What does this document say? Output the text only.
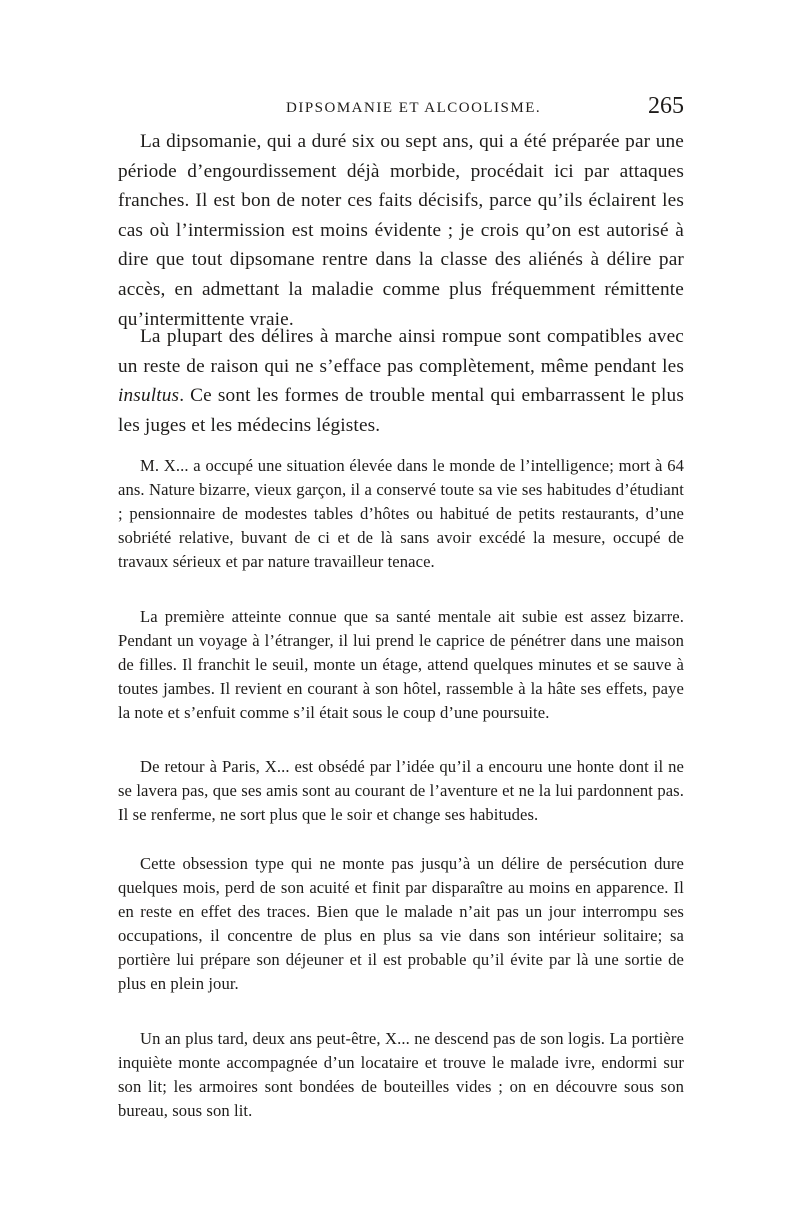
DIPSOMANIE ET ALCOOLISME.	265

La dipsomanie, qui a duré six ou sept ans, qui a été préparée par une période d’engourdissement déjà morbide, procédait ici par attaques franches. Il est bon de noter ces faits décisifs, parce qu’ils éclairent les cas où l’intermission est moins évidente ; je crois qu’on est autorisé à dire que tout dipsomane rentre dans la classe des aliénés à délire par accès, en admettant la maladie comme plus fréquemment rémittente qu’intermittente vraie.

La plupart des délires à marche ainsi rompue sont compatibles avec un reste de raison qui ne s’efface pas complètement, même pendant les insultus. Ce sont les formes de trouble mental qui embarrassent le plus les juges et les médecins légistes.

M. X... a occupé une situation élevée dans le monde de l’intelligence; mort à 64 ans. Nature bizarre, vieux garçon, il a conservé toute sa vie ses habitudes d’étudiant ; pensionnaire de modestes tables d’hôtes ou habitué de petits restaurants, d’une sobriété relative, buvant de ci et de là sans avoir excédé la mesure, occupé de travaux sérieux et par nature travailleur tenace.

La première atteinte connue que sa santé mentale ait subie est assez bizarre. Pendant un voyage à l’étranger, il lui prend le caprice de pénétrer dans une maison de filles. Il franchit le seuil, monte un étage, attend quelques minutes et se sauve à toutes jambes. Il revient en courant à son hôtel, rassemble à la hâte ses effets, paye la note et s’enfuit comme s’il était sous le coup d’une poursuite.

De retour à Paris, X... est obsédé par l’idée qu’il a encouru une honte dont il ne se lavera pas, que ses amis sont au courant de l’aventure et ne la lui pardonnent pas. Il se renferme, ne sort plus que le soir et change ses habitudes.

Cette obsession type qui ne monte pas jusqu’à un délire de persécution dure quelques mois, perd de son acuité et finit par disparaître au moins en apparence. Il en reste en effet des traces. Bien que le malade n’ait pas un jour interrompu ses occupations, il concentre de plus en plus sa vie dans son intérieur solitaire; sa portière lui prépare son déjeuner et il est probable qu’il évite par là une sortie de plus en plein jour.

Un an plus tard, deux ans peut-être, X... ne descend pas de son logis. La portière inquiète monte accompagnée d’un locataire et trouve le malade ivre, endormi sur son lit; les armoires sont bondées de bouteilles vides ; on en découvre sous son bureau, sous son lit.
